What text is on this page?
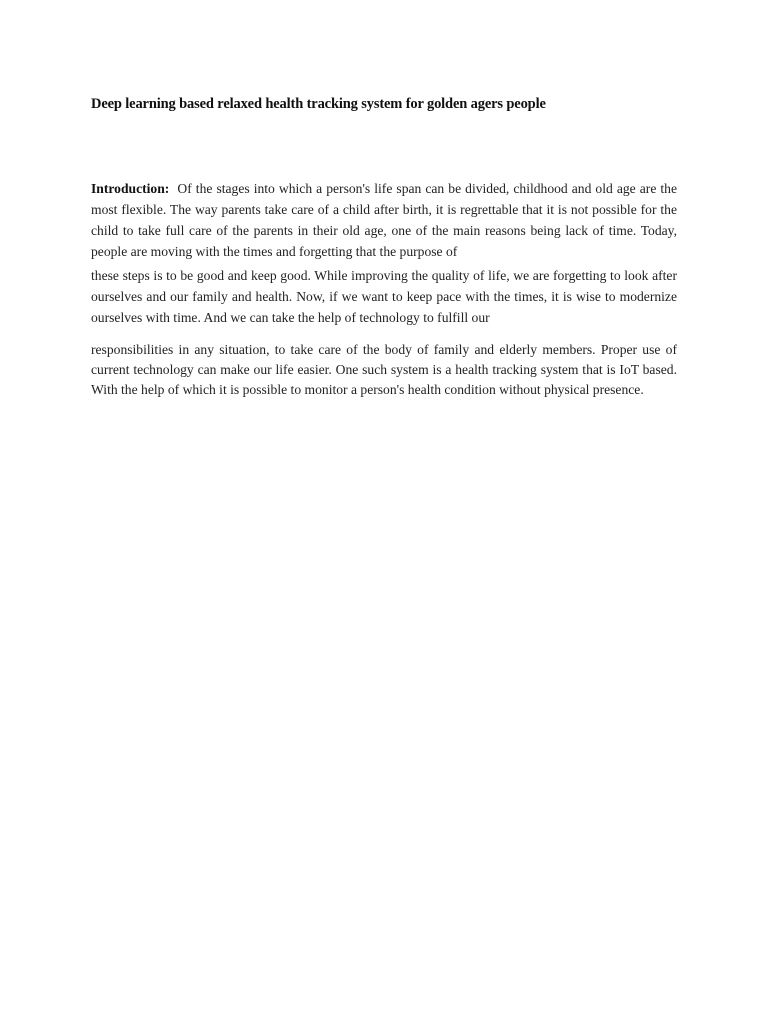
Deep learning based relaxed health tracking system for golden agers people

Introduction: Of the stages into which a person's life span can be divided, childhood and old age are the most flexible. The way parents take care of a child after birth, it is regrettable that it is not possible for the child to take full care of the parents in their old age, one of the main reasons being lack of time. Today, people are moving with the times and forgetting that the purpose of

these steps is to be good and keep good. While improving the quality of life, we are forgetting to look after ourselves and our family and health. Now, if we want to keep pace with the times, it is wise to modernize ourselves with time. And we can take the help of technology to fulfill our

responsibilities in any situation, to take care of the body of family and elderly members. Proper use of current technology can make our life easier. One such system is a health tracking system that is IoT based. With the help of which it is possible to monitor a person's health condition without physical presence.
